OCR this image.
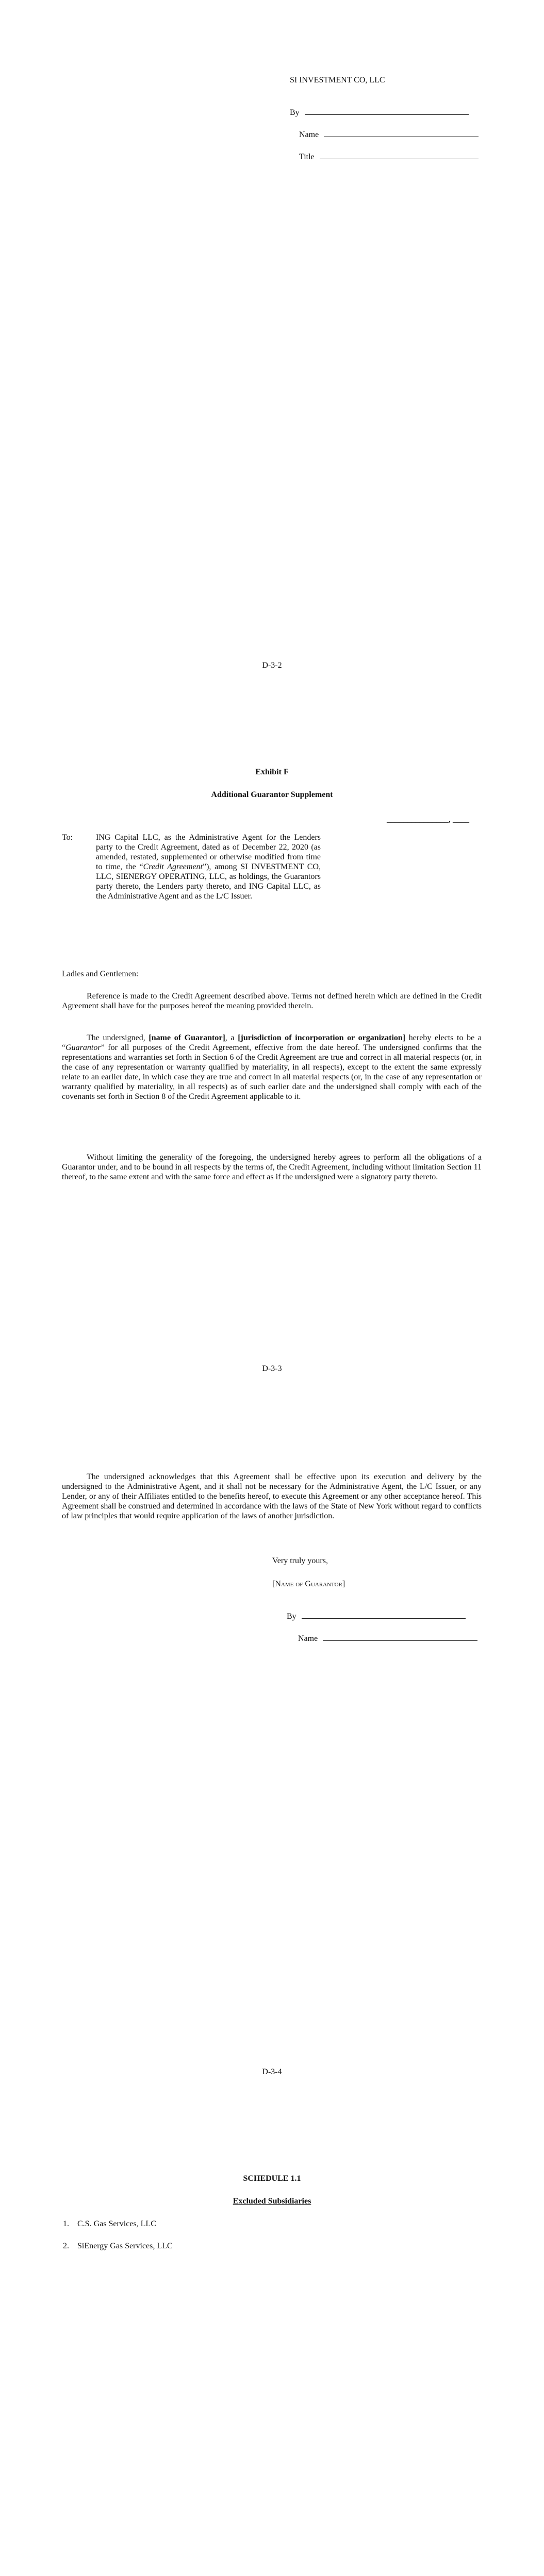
SI INVESTMENT CO, LLC
By
Name
Title
D-3-2
Exhibit F
Additional Guarantor Supplement
_______________, ____
To:	ING Capital LLC, as the Administrative Agent for the Lenders party to the Credit Agreement, dated as of December 22, 2020 (as amended, restated, supplemented or otherwise modified from time to time, the “Credit Agreement”), among SI INVESTMENT CO, LLC, SIENERGY OPERATING, LLC, as holdings, the Guarantors party thereto, the Lenders party thereto, and ING Capital LLC, as the Administrative Agent and as the L/C Issuer.
Ladies and Gentlemen:
Reference is made to the Credit Agreement described above. Terms not defined herein which are defined in the Credit Agreement shall have for the purposes hereof the meaning provided therein.
The undersigned, [name of Guarantor], a [jurisdiction of incorporation or organization] hereby elects to be a “Guarantor” for all purposes of the Credit Agreement, effective from the date hereof. The undersigned confirms that the representations and warranties set forth in Section 6 of the Credit Agreement are true and correct in all material respects (or, in the case of any representation or warranty qualified by materiality, in all respects), except to the extent the same expressly relate to an earlier date, in which case they are true and correct in all material respects (or, in the case of any representation or warranty qualified by materiality, in all respects) as of such earlier date and the undersigned shall comply with each of the covenants set forth in Section 8 of the Credit Agreement applicable to it.
Without limiting the generality of the foregoing, the undersigned hereby agrees to perform all the obligations of a Guarantor under, and to be bound in all respects by the terms of, the Credit Agreement, including without limitation Section 11 thereof, to the same extent and with the same force and effect as if the undersigned were a signatory party thereto.
D-3-3
The undersigned acknowledges that this Agreement shall be effective upon its execution and delivery by the undersigned to the Administrative Agent, and it shall not be necessary for the Administrative Agent, the L/C Issuer, or any Lender, or any of their Affiliates entitled to the benefits hereof, to execute this Agreement or any other acceptance hereof. This Agreement shall be construed and determined in accordance with the laws of the State of New York without regard to conflicts of law principles that would require application of the laws of another jurisdiction.
Very truly yours,
[Name of Guarantor]
By
Name
D-3-4
SCHEDULE 1.1
Excluded Subsidiaries
1. C.S. Gas Services, LLC
2. SiEnergy Gas Services, LLC
